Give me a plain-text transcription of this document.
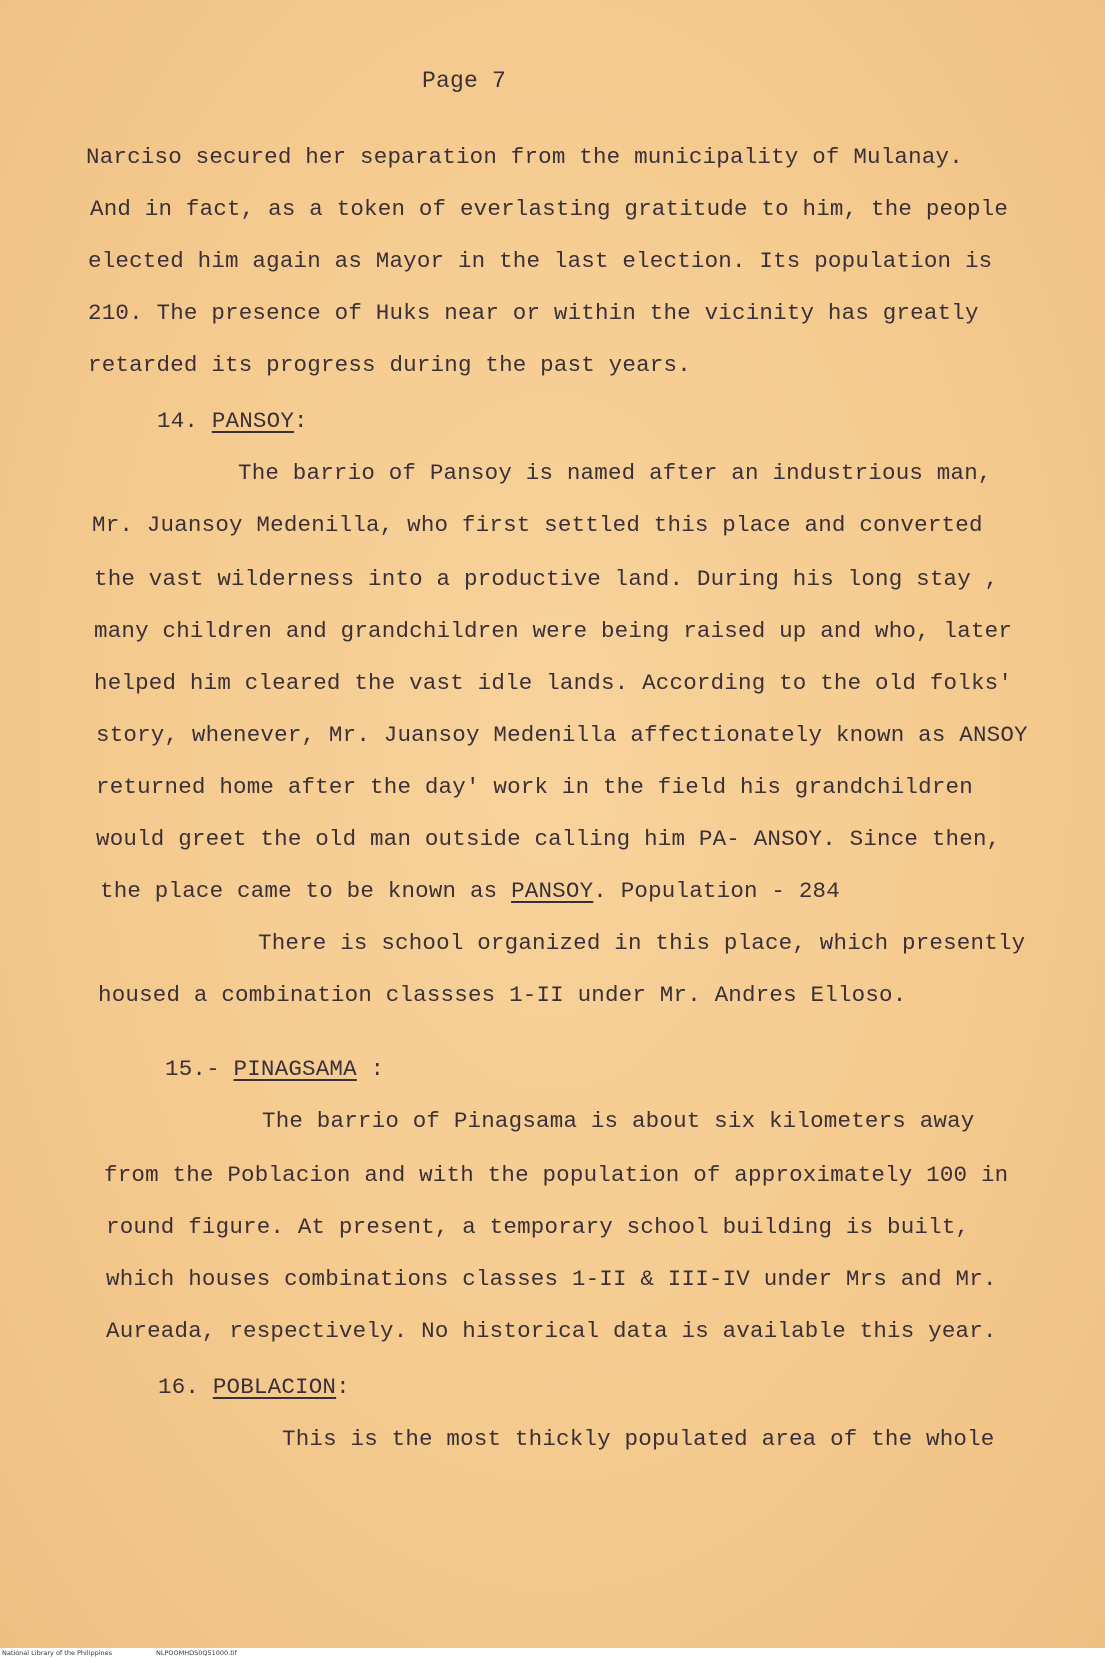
Page 7
Narciso secured her separation from the municipality of Mulanay.
And in fact, as a token of everlasting gratitude to him, the people
elected him again as Mayor in the last election. Its population is
210. The presence of Huks near or within the vicinity has greatly
retarded its progress during the past years.
14. PANSOY:
The barrio of Pansoy is named after an industrious man,
Mr. Juansoy Medenilla, who first settled this place and converted
the vast wilderness into a productive land. During his long stay ,
many children and grandchildren were being raised up and who, later
helped him cleared the vast idle lands. According to the old folks'
story, whenever, Mr. Juansoy Medenilla affectionately known as ANSOY
returned home after the day' work in the field his grandchildren
would greet the old man outside calling him PA- ANSOY. Since then,
the place came to be known as PANSOY. Population - 284
There is school organized in this place, which presently
housed a combination classses 1-II under Mr. Andres Elloso.
15.- PINAGSAMA :
The barrio of Pinagsama is about six kilometers away
from the Poblacion and with the population of approximately 100 in
round figure. At present, a temporary school building is built,
which houses combinations classes 1-II & III-IV under Mrs and Mr.
Aureada, respectively. No historical data is available this year.
16. POBLACION:
This is the most thickly populated area of the whole
National Library of the Philippines	NLPOOMHDS0Q51000.tif
